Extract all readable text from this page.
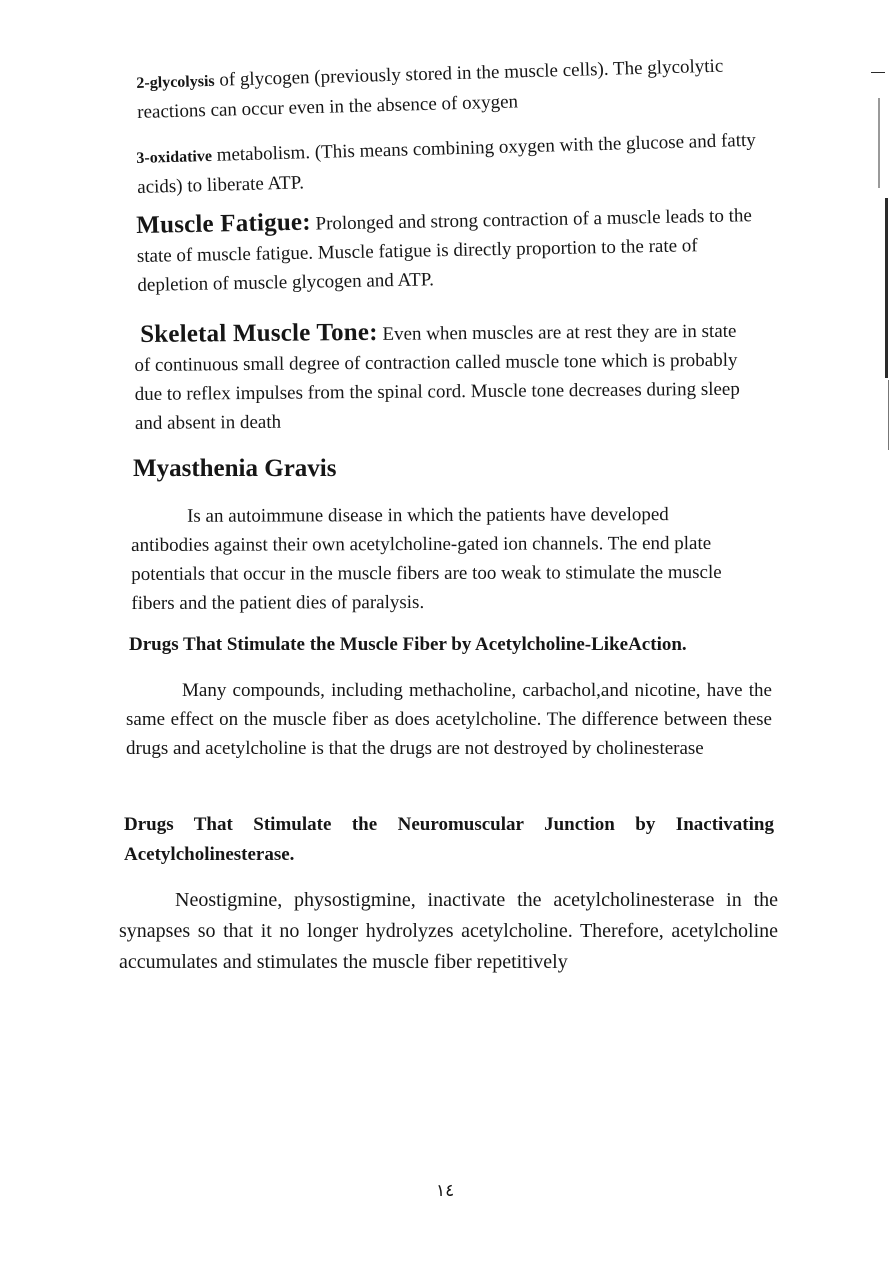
2-glycolysis of glycogen (previously stored in the muscle cells). The glycolytic reactions can occur even in the absence of oxygen

3-oxidative metabolism. (This means combining oxygen with the glucose and fatty acids) to liberate ATP.

Muscle Fatigue: Prolonged and strong contraction of a muscle leads to the state of muscle fatigue. Muscle fatigue is directly proportion to the rate of depletion of muscle glycogen and ATP.

Skeletal Muscle Tone: Even when muscles are at rest they are in state of continuous small degree of contraction called muscle tone which is probably due to reflex impulses from the spinal cord. Muscle tone decreases during sleep and absent in death

Myasthenia Gravis

Is an autoimmune disease in which the patients have developed antibodies against their own acetylcholine-gated ion channels. The end plate potentials that occur in the muscle fibers are too weak to stimulate the muscle fibers and the patient dies of paralysis.

Drugs That Stimulate the Muscle Fiber by Acetylcholine-LikeAction.

Many compounds, including methacholine, carbachol,and nicotine, have the same effect on the muscle fiber as does acetylcholine. The difference between these drugs and acetylcholine is that the drugs are not destroyed by cholinesterase

Drugs That Stimulate the Neuromuscular Junction by Inactivating Acetylcholinesterase.

Neostigmine, physostigmine, inactivate the acetylcholinesterase in the synapses so that it no longer hydrolyzes acetylcholine. Therefore, acetylcholine accumulates and stimulates the muscle fiber repetitively

١٤
